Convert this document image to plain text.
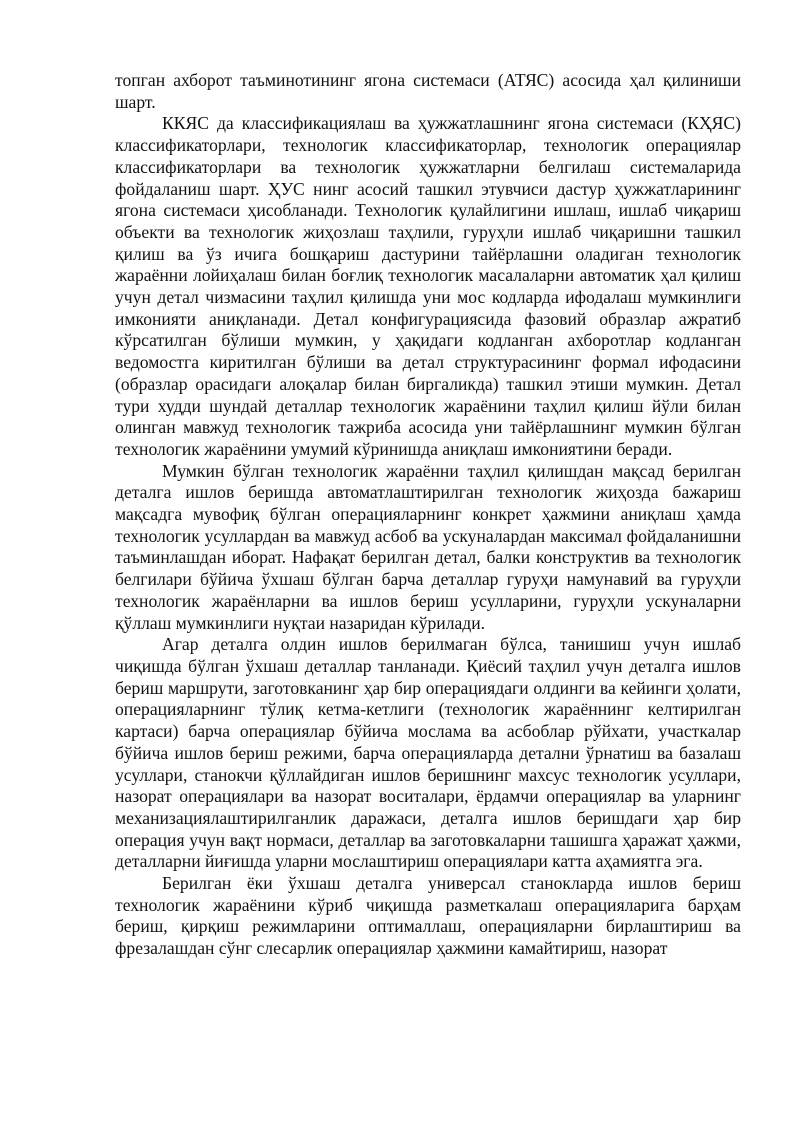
топган ахборот таъминотининг ягона системаси (АТЯС) асосида ҳал қилиниши шарт.

ККЯС да классификациялаш ва ҳужжатлашнинг ягона системаси (КҲЯС) классификаторлари, технологик классификаторлар, технологик операциялар классификаторлари ва технологик ҳужжатларни белгилаш системаларида фойдаланиш шарт. ҲУС нинг асосий ташкил этувчиси дастур ҳужжатларининг ягона системаси ҳисобланади. Технологик қулайлигини ишлаш, ишлаб чиқариш объекти ва технологик жиҳозлаш таҳлили, гуруҳли ишлаб чиқаришни ташкил қилиш ва ўз ичига бошқариш дастурини тайёрлашни оладиган технологик жараённи лойиҳалаш билан боғлиқ технологик масалаларни автоматик ҳал қилиш учун детал чизмасини таҳлил қилишда уни мос кодларда ифодалаш мумкинлиги имконияти аниқланади. Детал конфигурациясида фазовий образлар ажратиб кўрсатилган бўлиши мумкин, у ҳақидаги кодланган ахборотлар кодланган ведомостга киритилган бўлиши ва детал структурасининг формал ифодасини (образлар орасидаги алоқалар билан биргаликда) ташкил этиши мумкин. Детал тури худди шундай деталлар технологик жараёнини таҳлил қилиш йўли билан олинган мавжуд технологик тажриба асосида уни тайёрлашнинг мумкин бўлган технологик жараёнини умумий кўринишда аниқлаш имкониятини беради.

Мумкин бўлган технологик жараённи таҳлил қилишдан мақсад берилган деталга ишлов беришда автоматлаштирилган технологик жиҳозда бажариш мақсадга мувофиқ бўлган операцияларнинг конкрет ҳажмини аниқлаш ҳамда технологик усуллардан ва мавжуд асбоб ва ускуналардан максимал фойдаланишни таъминлашдан иборат. Нафақат берилган детал, балки конструктив ва технологик белгилари бўйича ўхшаш бўлган барча деталлар гуруҳи намунавий ва гуруҳли технологик жараёнларни ва ишлов бериш усулларини, гуруҳли ускуналарни қўллаш мумкинлиги нуқтаи назаридан кўрилади.

Агар деталга олдин ишлов берилмаган бўлса, танишиш учун ишлаб чиқишда бўлган ўхшаш деталлар танланади. Қиёсий таҳлил учун деталга ишлов бериш маршрути, заготовканинг ҳар бир операциядаги олдинги ва кейинги ҳолати, операцияларнинг тўлиқ кетма-кетлиги (технологик жараённинг келтирилган картаси) барча операциялар бўйича мослама ва асбоблар рўйхати, участкалар бўйича ишлов бериш режими, барча операцияларда детални ўрнатиш ва базалаш усуллари, станокчи қўллайдиган ишлов беришнинг махсус технологик усуллари, назорат операциялари ва назорат воситалари, ёрдамчи операциялар ва уларнинг механизациялаштирилганлик даражаси, деталга ишлов беришдаги ҳар бир операция учун вақт нормаси, деталлар ва заготовкаларни ташишга ҳаражат ҳажми, деталларни йиғишда уларни мослаштириш операциялари катта аҳамиятга эга.

Берилган ёки ўхшаш деталга универсал станокларда ишлов бериш технологик жараёнини кўриб чиқишда разметкалаш операцияларига барҳам бериш, қирқиш режимларини оптималлаш, операцияларни бирлаштириш ва фрезалашдан сўнг слесарлик операциялар ҳажмини камайтириш, назорат
